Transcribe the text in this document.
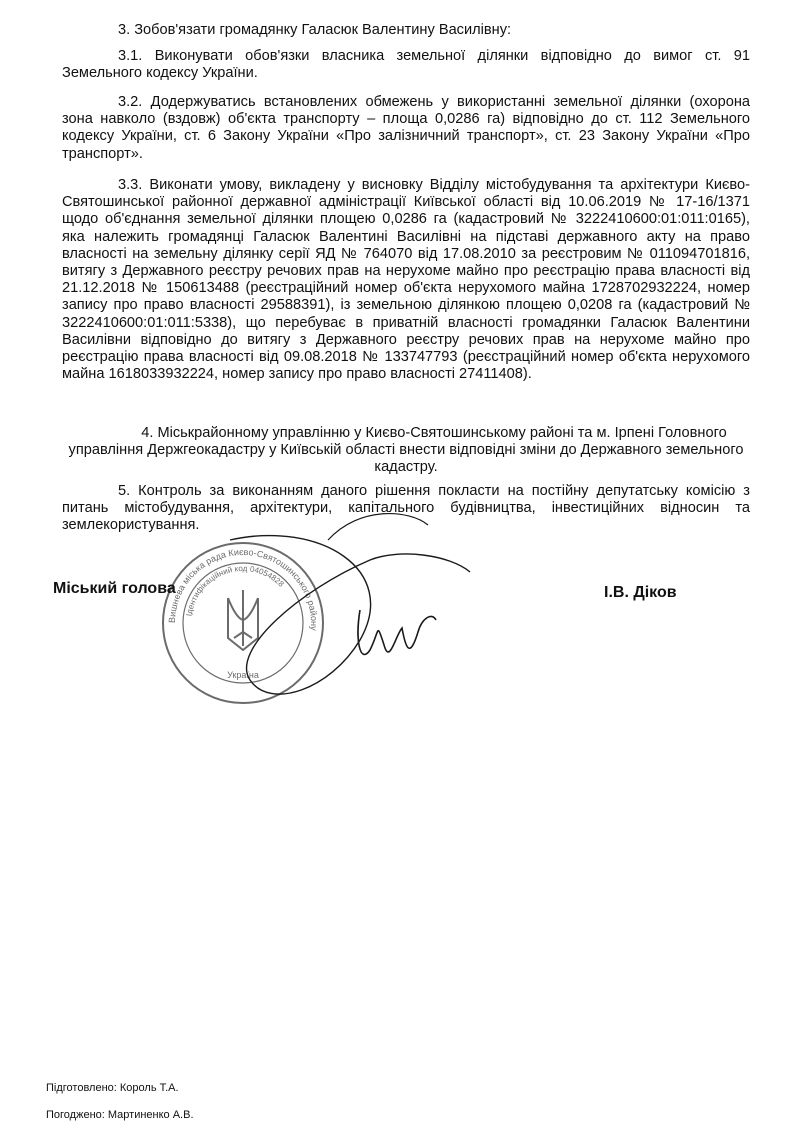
3. Зобов'язати громадянку Галасюк Валентину Василівну:

3.1. Виконувати обов'язки власника земельної ділянки відповідно до вимог ст. 91 Земельного кодексу України.

3.2. Додержуватись встановлених обмежень у використанні земельної ділянки (охорона зона навколо (вздовж) об'єкта транспорту – площа 0,0286 га) відповідно до ст. 112 Земельного кодексу України, ст. 6 Закону України «Про залізничний транспорт», ст. 23 Закону України «Про транспорт».

3.3. Виконати умову, викладену у висновку Відділу містобудування та архітектури Києво-Святошинської районної державної адміністрації Київської області від 10.06.2019 № 17-16/1371 щодо об'єднання земельної ділянки площею 0,0286 га (кадастровий № 3222410600:01:011:0165), яка належить громадянці Галасюк Валентині Василівні на підставі державного акту на право власності на земельну ділянку серії ЯД № 764070 від 17.08.2010 за реєстровим № 011094701816, витягу з Державного реєстру речових прав на нерухоме майно про реєстрацію права власності від 21.12.2018 № 150613488 (реєстраційний номер об'єкта нерухомого майна 1728702932224, номер запису про право власності 29588391), із земельною ділянкою площею 0,0208 га (кадастровий № 3222410600:01:011:5338), що перебуває в приватній власності громадянки Галасюк Валентини Василівни відповідно до витягу з Державного реєстру речових прав на нерухоме майно про реєстрацію права власності від 09.08.2018 № 133747793 (реєстраційний номер об'єкта нерухомого майна 1618033932224, номер запису про право власності 27411408).

4. Міськрайонному управлінню у Києво-Святошинському районі та м. Ірпені Головного управління Держгеокадастру у Київській області внести відповідні зміни до Державного земельного кадастру.

5. Контроль за виконанням даного рішення покласти на постійну депутатську комісію з питань містобудування, архітектури, капітального будівництва, інвестиційних відносин та землекористування.

Вишнева міська рада Києво-Святошинського району
Ідентифікаційний код 04054828
Україна
Міський голова	І.В. Діков
Підготовлено: Король Т.А.
Погоджено: Мартиненко А.В.
